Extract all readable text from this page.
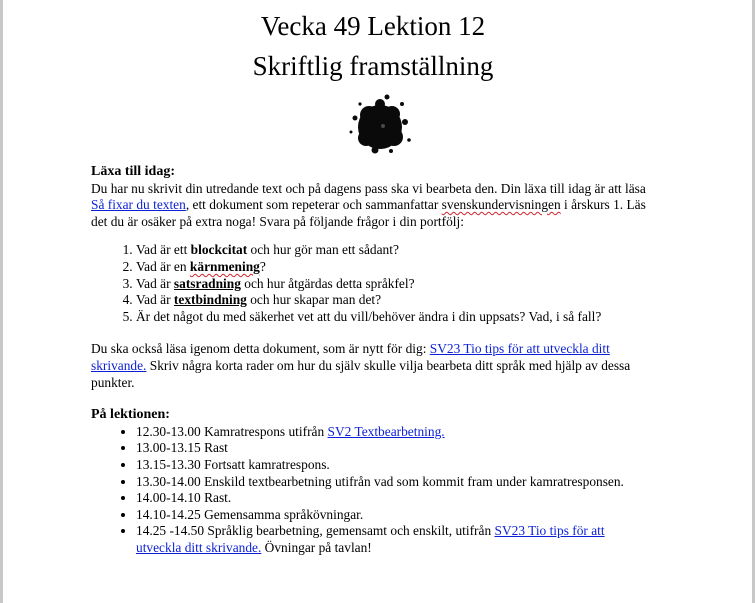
Vecka 49 Lektion 12
Skriftlig framställning

Läxa till idag:

Du har nu skrivit din utredande text och på dagens pass ska vi bearbeta den. Din läxa till idag är att läsa Så fixar du texten, ett dokument som repeterar och sammanfattar svenskundervisningen i årskurs 1. Läs det du är osäker på extra noga! Svara på följande frågor i din portfölj:

1. Vad är ett blockcitat och hur gör man ett sådant?
2. Vad är en kärnmening?
3. Vad är satsradning och hur åtgärdas detta språkfel?
4. Vad är textbindning och hur skapar man det?
5. Är det något du med säkerhet vet att du vill/behöver ändra i din uppsats? Vad, i så fall?

Du ska också läsa igenom detta dokument, som är nytt för dig: SV23 Tio tips för att utveckla ditt skrivande. Skriv några korta rader om hur du själv skulle vilja bearbeta ditt språk med hjälp av dessa punkter.

På lektionen:

• 12.30-13.00 Kamratrespons utifrån SV2 Textbearbetning.
• 13.00-13.15 Rast
• 13.15-13.30 Fortsatt kamratrespons.
• 13.30-14.00 Enskild textbearbetning utifrån vad som kommit fram under kamratresponsen.
• 14.00-14.10 Rast.
• 14.10-14.25 Gemensamma språkövningar.
• 14.25 -14.50 Språklig bearbetning, gemensamt och enskilt, utifrån SV23 Tio tips för att utveckla ditt skrivande. Övningar på tavlan!
